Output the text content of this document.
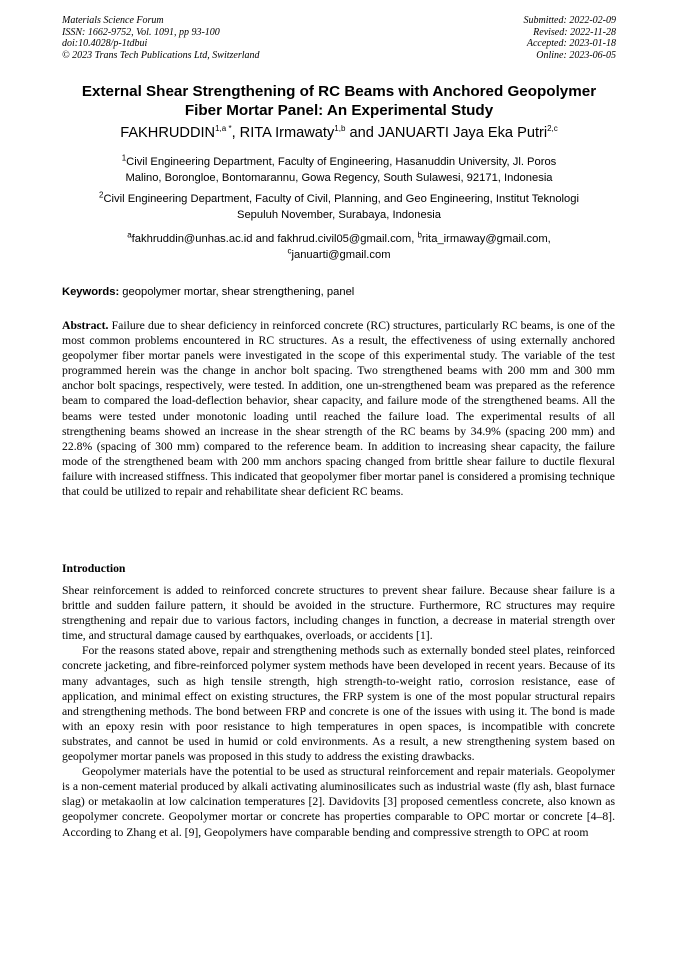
Materials Science Forum
ISSN: 1662-9752, Vol. 1091, pp 93-100
doi:10.4028/p-1tdbui
© 2023 Trans Tech Publications Ltd, Switzerland
Submitted: 2022-02-09
Revised: 2022-11-28
Accepted: 2023-01-18
Online: 2023-06-05
External Shear Strengthening of RC Beams with Anchored Geopolymer
Fiber Mortar Panel: An Experimental Study
$FAKHRUDDIN^{1,a *}$, RITA Irmawaty$^{1,b}$ and JANUARTI Jaya Eka Putri$^{2,c}$
$^1$Civil Engineering Department, Faculty of Engineering, Hasanuddin University, Jl. Poros
Malino, Borongloe, Bontomarannu, Gowa Regency, South Sulawesi, 92171, Indonesia
$^2$Civil Engineering Department, Faculty of Civil, Planning, and Geo Engineering, Institut Teknologi
Sepuluh November, Surabaya, Indonesia
$^a$fakhruddin@unhas.ac.id and fakhrud.civil05@gmail.com, $^b$rita_irmaway@gmail.com,
$^c$januarti@gmail.com
Keywords: geopolymer mortar, shear strengthening, panel
Abstract. Failure due to shear deficiency in reinforced concrete (RC) structures, particularly RC beams, is one of the most common problems encountered in RC structures. As a result, the effectiveness of using externally anchored geopolymer fiber mortar panels were investigated in the scope of this experimental study. The variable of the test programmed herein was the change in anchor bolt spacing. Two strengthened beams with 200 mm and 300 mm anchor bolt spacings, respectively, were tested. In addition, one un-strengthened beam was prepared as the reference beam to compared the load-deflection behavior, shear capacity, and failure mode of the strengthened beams. All the beams were tested under monotonic loading until reached the failure load. The experimental results of all strengthening beams showed an increase in the shear strength of the RC beams by 34.9% (spacing 200 mm) and 22.8% (spacing of 300 mm) compared to the reference beam. In addition to increasing shear capacity, the failure mode of the strengthened beam with 200 mm anchors spacing changed from brittle shear failure to ductile flexural failure with increased stiffness. This indicated that geopolymer fiber mortar panel is considered a promising technique that could be utilized to repair and rehabilitate shear deficient RC beams.
Introduction

Shear reinforcement is added to reinforced concrete structures to prevent shear failure. Because shear failure is a brittle and sudden failure pattern, it should be avoided in the structure. Furthermore, RC structures may require strengthening and repair due to various factors, including changes in function, a decrease in material strength over time, and structural damage caused by earthquakes, overloads, or accidents [1].

For the reasons stated above, repair and strengthening methods such as externally bonded steel plates, reinforced concrete jacketing, and fibre-reinforced polymer system methods have been developed in recent years. Because of its many advantages, such as high tensile strength, high strength-to-weight ratio, corrosion resistance, ease of application, and minimal effect on existing structures, the FRP system is one of the most popular structural repairs and strengthening methods. The bond between FRP and concrete is one of the issues with using it. The bond is made with an epoxy resin with poor resistance to high temperatures in open spaces, is incompatible with concrete substrates, and cannot be used in humid or cold environments. As a result, a new strengthening system based on geopolymer mortar panels was proposed in this study to address the existing drawbacks.

Geopolymer materials have the potential to be used as structural reinforcement and repair materials. Geopolymer is a non-cement material produced by alkali activating aluminosilicates such as industrial waste (fly ash, blast furnace slag) or metakaolin at low calcination temperatures [2]. Davidovits [3] proposed cementless concrete, also known as geopolymer concrete. Geopolymer mortar or concrete has properties comparable to OPC mortar or concrete [4–8]. According to Zhang et al. [9], Geopolymers have comparable bending and compressive strength to OPC at room
